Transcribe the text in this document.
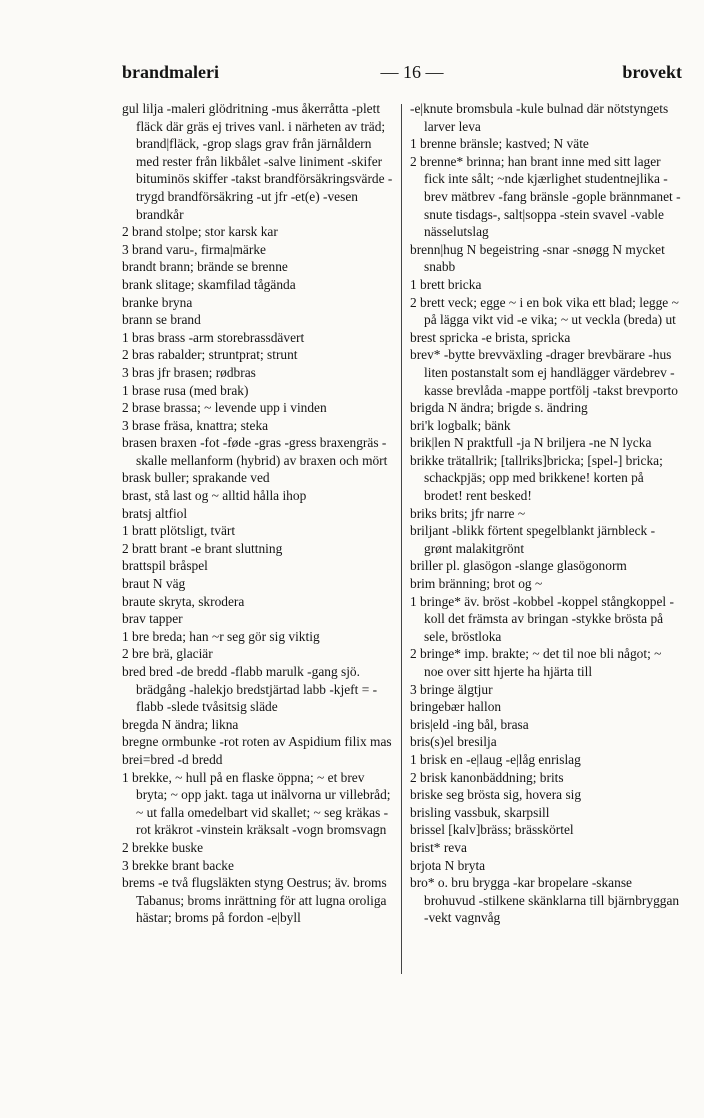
brandmaleri	— 16 —	brovekt

gul lilja -maleri glödritning -mus åkerråtta -plett fläck där gräs ej trives vanl. i närheten av träd; brand|fläck, -grop slags grav från järnåldern med rester från likbålet -salve liniment -skifer bituminös skiffer -takst brandförsäkringsvärde -trygd brandförsäkring -ut jfr -et(e) -vesen brandkår

2 brand stolpe; stor karsk kar

3 brand varu-, firma|märke

brandt brann; brände se brenne

brank slitage; skamfilad tågända

branke bryna

brann se brand

1 bras brass -arm storebrassdävert

2 bras rabalder; struntprat; strunt

3 bras jfr brasen; rødbras

1 brase rusa (med brak)

2 brase brassa; ~ levende upp i vinden

3 brase fräsa, knattra; steka

brasen braxen -fot -føde -gras -gress braxengräs -skalle mellanform (hybrid) av braxen och mört

brask buller; sprakande ved

brast, stå last og ~ alltid hålla ihop

bratsj altfiol

1 bratt plötsligt, tvärt

2 bratt brant -e brant sluttning

brattspil bråspel

braut N väg

braute skryta, skrodera

brav tapper

1 bre breda; han ~r seg gör sig viktig

2 bre brä, glaciär

bred bred -de bredd -flabb marulk -gang sjö. brädgång -halekjo bredstjärtad labb -kjeft = -flabb -slede tvåsitsig släde

bregda N ändra; likna

bregne ormbunke -rot roten av Aspidium filix mas

brei=bred -d bredd

1 brekke, ~ hull på en flaske öppna; ~ et brev bryta; ~ opp jakt. taga ut inälvorna ur villebråd; ~ ut falla omedelbart vid skallet; ~ seg kräkas -rot kräkrot -vinstein kräksalt -vogn bromsvagn

2 brekke buske

3 brekke brant backe

brems -e två flugsläkten styng Oestrus; äv. broms Tabanus; broms inrättning för att lugna oroliga hästar; broms på fordon -e|byll

-e|knute bromsbula -kule bulnad där nötstyngets larver leva

1 brenne bränsle; kastved; N väte

2 brenne* brinna; han brant inne med sitt lager fick inte sålt; ~nde kjærlighet studentnejlika -brev mätbrev -fang bränsle -gople brännmanet -snute tisdags-, salt|soppa -stein svavel -vable nässelutslag

brenn|hug N begeistring -snar -snøgg N mycket snabb

1 brett bricka

2 brett veck; egge ~ i en bok vika ett blad; legge ~ på lägga vikt vid -e vika; ~ ut veckla (breda) ut

brest spricka -e brista, spricka

brev* -bytte brevväxling -drager brevbärare -hus liten postanstalt som ej handlägger värdebrev -kasse brevlåda -mappe portfölj -takst brevporto

brigda N ändra; brigde s. ändring

bri'k logbalk; bänk

brik|len N praktfull -ja N briljera -ne N lycka

brikke trätallrik; [tallriks]bricka; [spel-] bricka; schackpjäs; opp med brikkene! korten på brodet! rent besked!

briks brits; jfr narre ~

briljant -blikk förtent spegelblankt järnbleck -grønt malakitgrönt

briller pl. glasögon -slange glasögonorm

brim bränning; brot og ~

1 bringe* äv. bröst -kobbel -koppel stångkoppel -koll det främsta av bringan -stykke brösta på sele, bröstloka

2 bringe* imp. brakte; ~ det til noe bli något; ~ noe over sitt hjerte ha hjärta till

3 bringe älgtjur

bringebær hallon

bris|eld -ing bål, brasa

bris(s)el bresilja

1 brisk en -e|laug -e|låg enrislag

2 brisk kanonbäddning; brits

briske seg brösta sig, hovera sig

brisling vassbuk, skarpsill

brissel [kalv]bräss; brässkörtel

brist* reva

brjota N bryta

bro* o. bru brygga -kar bropelare -skanse brohuvud -stilkene skänklarna till bjärnbryggan -vekt vagnvåg
